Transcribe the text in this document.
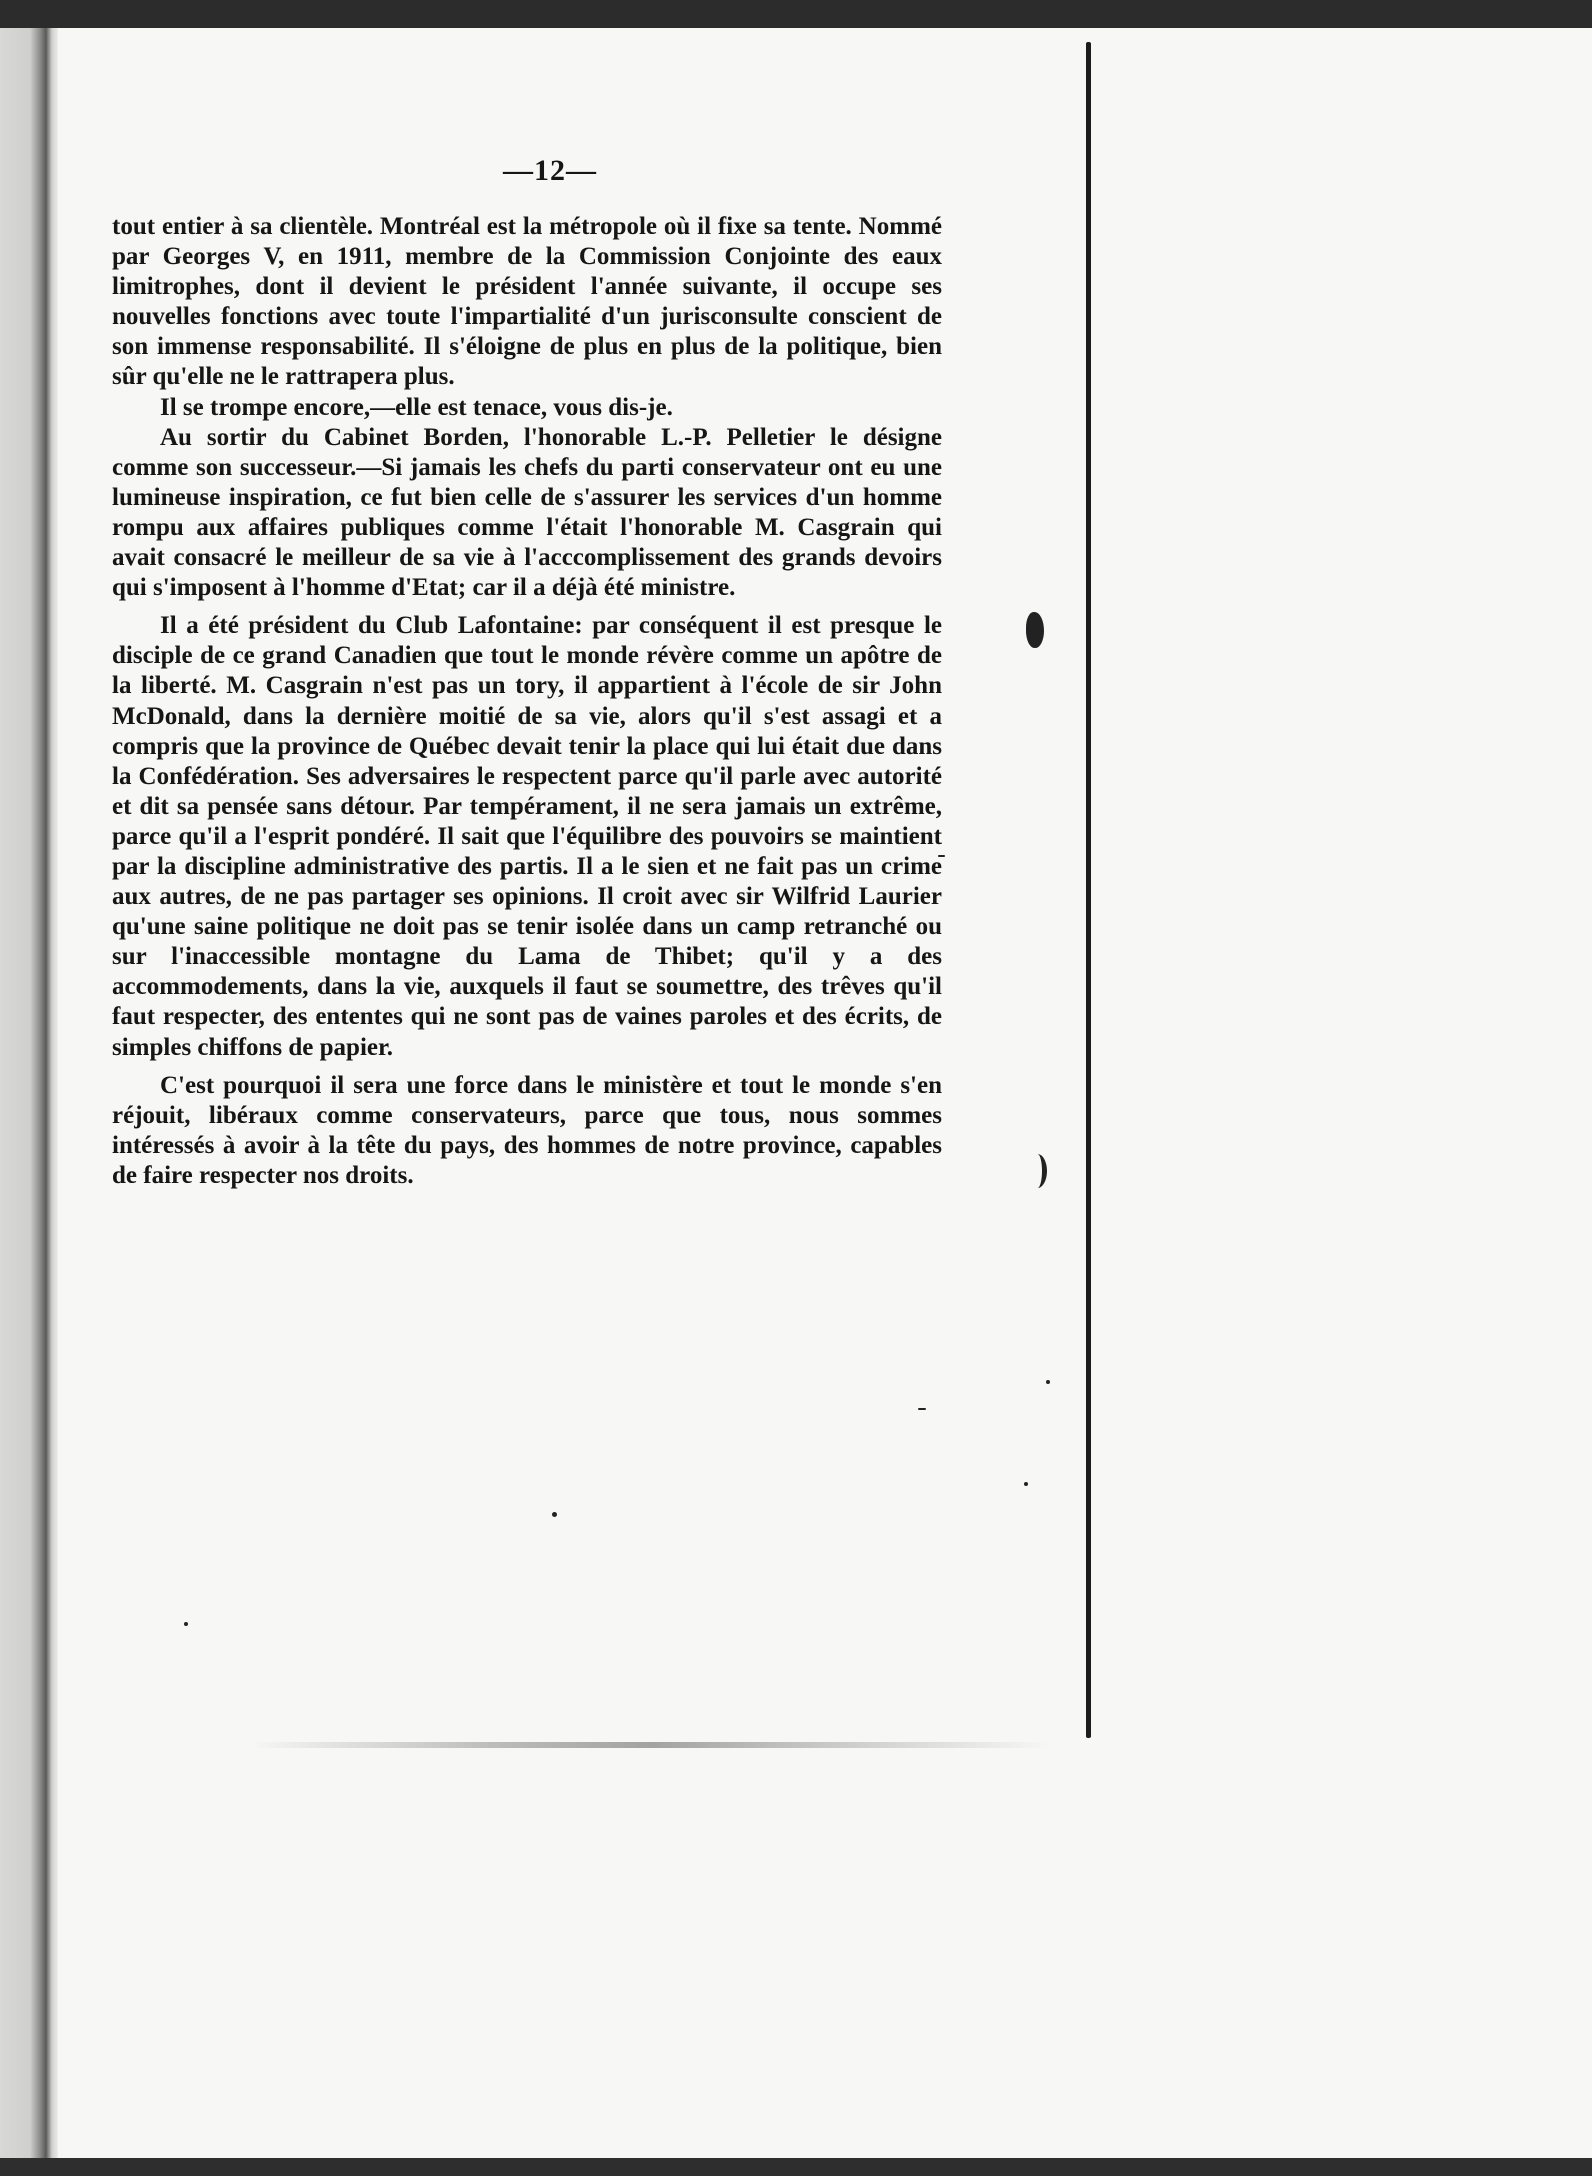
—12—

tout entier à sa clientèle. Montréal est la métropole où il fixe sa tente. Nommé par Georges V, en 1911, membre de la Commission Conjointe des eaux limitrophes, dont il devient le président l'année suivante, il occupe ses nouvelles fonctions avec toute l'impartialité d'un jurisconsulte conscient de son immense responsabilité. Il s'éloigne de plus en plus de la politique, bien sûr qu'elle ne le rattrapera plus.

Il se trompe encore,—elle est tenace, vous dis-je.

Au sortir du Cabinet Borden, l'honorable L.-P. Pelletier le désigne comme son successeur.—Si jamais les chefs du parti conservateur ont eu une lumineuse inspiration, ce fut bien celle de s'assurer les services d'un homme rompu aux affaires publiques comme l'était l'honorable M. Casgrain qui avait consacré le meilleur de sa vie à l'acccomplissement des grands devoirs qui s'imposent à l'homme d'Etat; car il a déjà été ministre.

Il a été président du Club Lafontaine: par conséquent il est presque le disciple de ce grand Canadien que tout le monde révère comme un apôtre de la liberté. M. Casgrain n'est pas un tory, il appartient à l'école de sir John McDonald, dans la dernière moitié de sa vie, alors qu'il s'est assagi et a compris que la province de Québec devait tenir la place qui lui était due dans la Confédération. Ses adversaires le respectent parce qu'il parle avec autorité et dit sa pensée sans détour. Par tempérament, il ne sera jamais un extrême, parce qu'il a l'esprit pondéré. Il sait que l'équilibre des pouvoirs se maintient par la discipline administrative des partis. Il a le sien et ne fait pas un crime aux autres, de ne pas partager ses opinions. Il croit avec sir Wilfrid Laurier qu'une saine politique ne doit pas se tenir isolée dans un camp retranché ou sur l'inaccessible montagne du Lama de Thibet; qu'il y a des accommodements, dans la vie, auxquels il faut se soumettre, des trêves qu'il faut respecter, des ententes qui ne sont pas de vaines paroles et des écrits, de simples chiffons de papier.

C'est pourquoi il sera une force dans le ministère et tout le monde s'en réjouit, libéraux comme conservateurs, parce que tous, nous sommes intéressés à avoir à la tête du pays, des hommes de notre province, capables de faire respecter nos droits.
